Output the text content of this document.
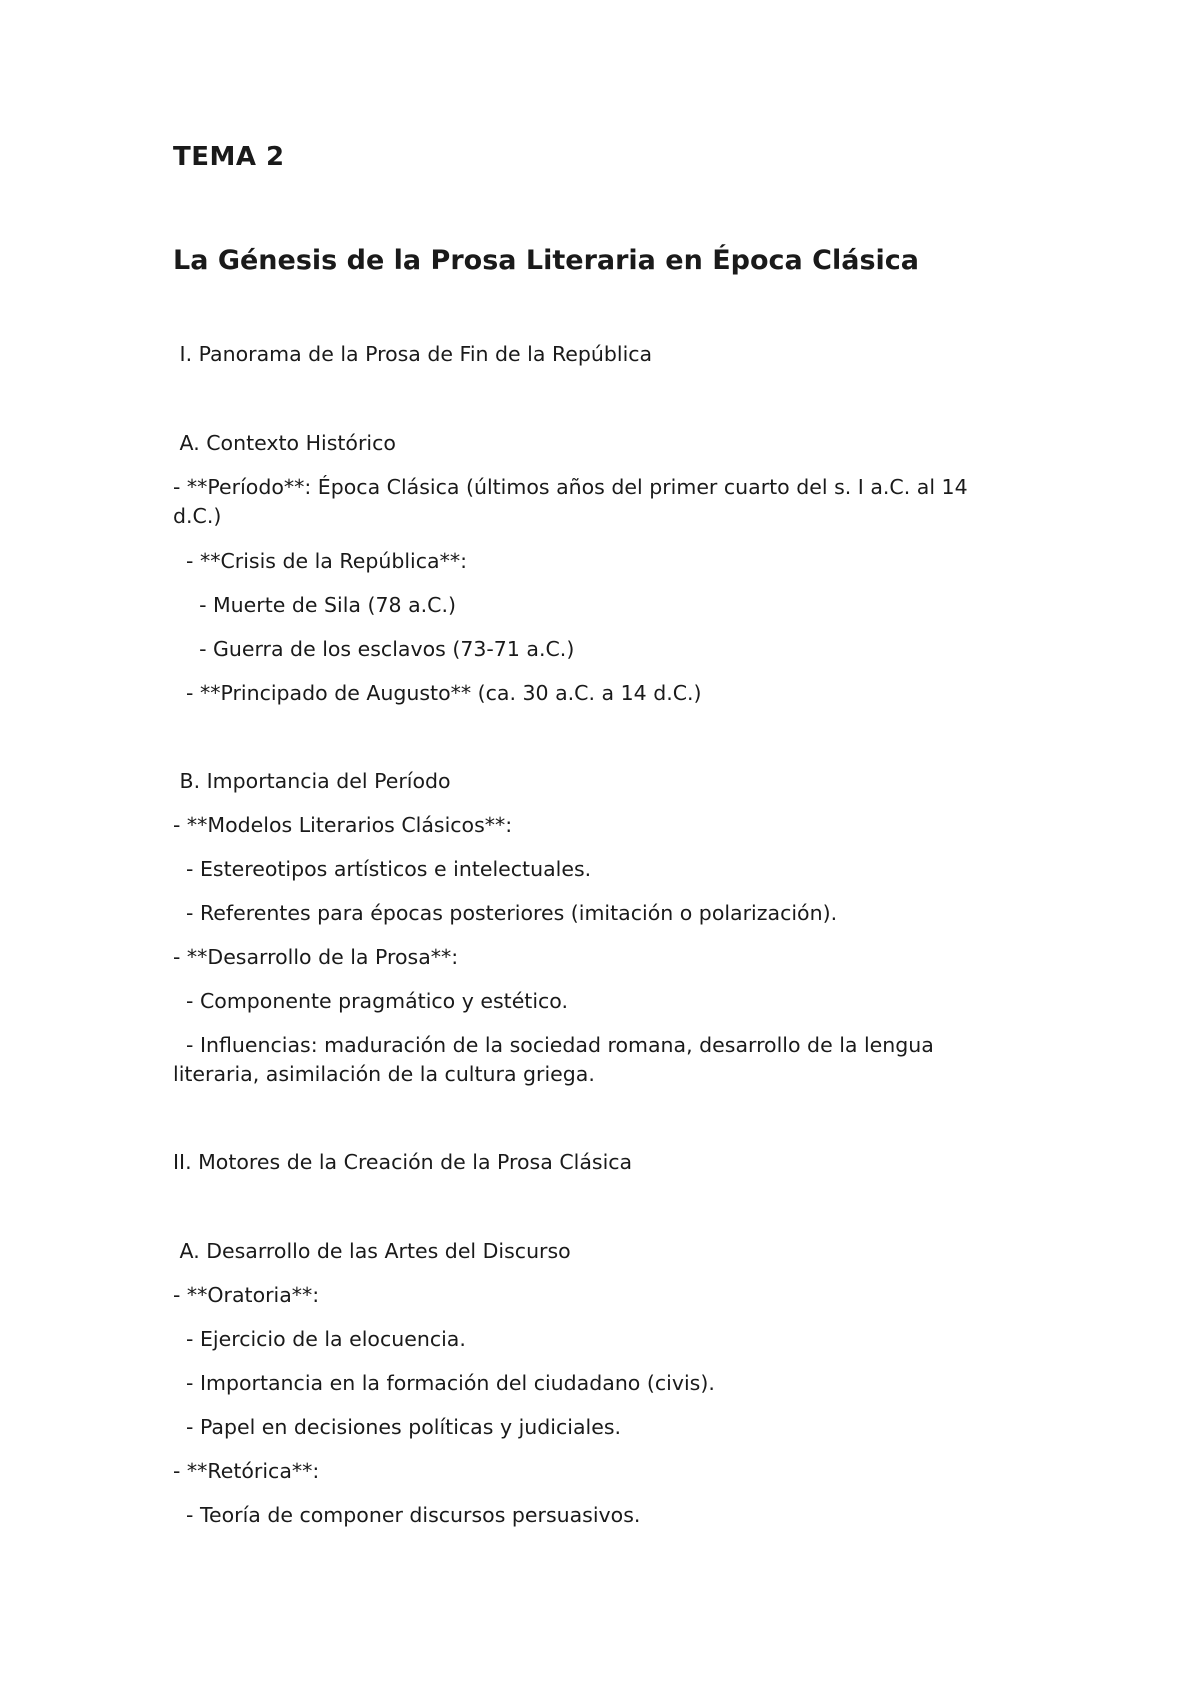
TEMA 2
La Génesis de la Prosa Literaria en Época Clásica

I. Panorama de la Prosa de Fin de la República

A. Contexto Histórico

- **Período**: Época Clásica (últimos años del primer cuarto del s. I a.C. al 14 d.C.)

- **Crisis de la República**:

- Muerte de Sila (78 a.C.)

- Guerra de los esclavos (73-71 a.C.)

- **Principado de Augusto** (ca. 30 a.C. a 14 d.C.)

B. Importancia del Período

- **Modelos Literarios Clásicos**:

- Estereotipos artísticos e intelectuales.

- Referentes para épocas posteriores (imitación o polarización).

- **Desarrollo de la Prosa**:

- Componente pragmático y estético.

- Influencias: maduración de la sociedad romana, desarrollo de la lengua literaria, asimilación de la cultura griega.

II. Motores de la Creación de la Prosa Clásica

A. Desarrollo de las Artes del Discurso

- **Oratoria**:

- Ejercicio de la elocuencia.

- Importancia en la formación del ciudadano (civis).

- Papel en decisiones políticas y judiciales.

- **Retórica**:

- Teoría de componer discursos persuasivos.
